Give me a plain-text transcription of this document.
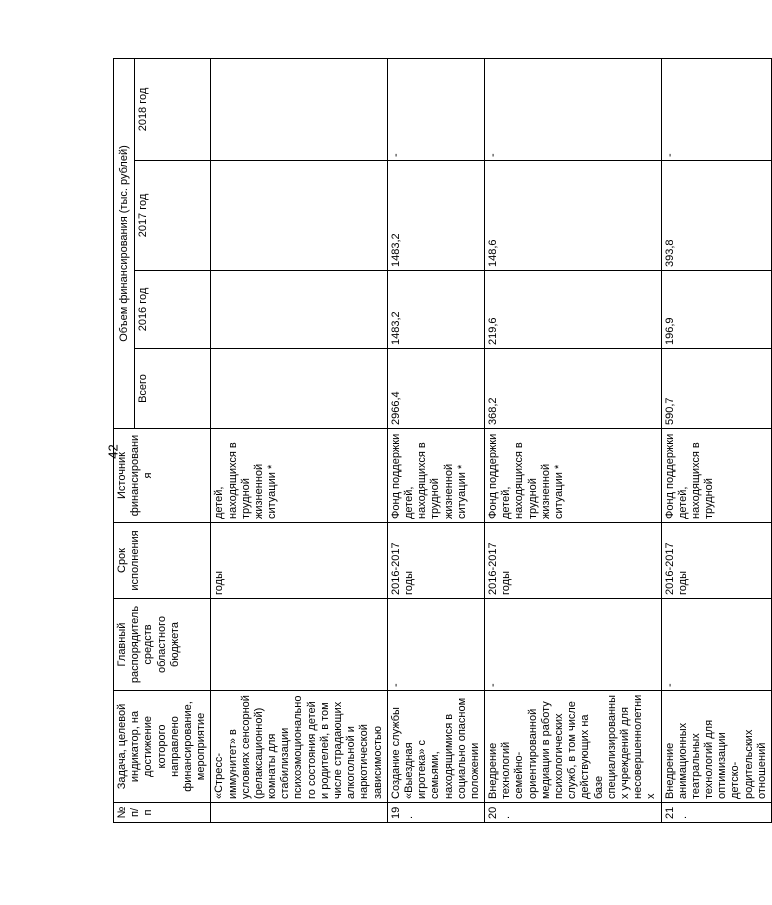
42
№ п/п	Задача, целевой индикатор, на достижение которого направлено финансирование, мероприятие	Главный распорядитель средств областного бюджета	Срок исполнения	Источник финансирования	Объем финансирования (тыс. рублей)			
					Всего	2016 год	2017 год	2018 год
	«Стресс-иммунитет» в условиях сенсорной (релаксационной) комнаты для стабилизации психоэмоционального состояния детей и родителей, в том числе страдающих алкогольной и наркотической зависимостью		годы	детей, находящихся в трудной жизненной ситуации *				
19.	Создание службы «Выездная игротека» с семьями, находящимися в социально опасном положении	-	2016-2017 годы	Фонд поддержки детей, находящихся в трудной жизненной ситуации *	2966,4	1483,2	1483,2	-
20.	Внедрение технологий семейно-ориентированной медиации в работу психологических служб, в том числе действующих на базе специализированных учреждений для несовершеннолетних	-	2016-2017 годы	Фонд поддержки детей, находящихся в трудной жизненной ситуации *	368,2	219,6	148,6	-
21.	Внедрение анимационных театральных технологий для оптимизации детско-родительских отношений	-	2016-2017 годы	Фонд поддержки детей, находящихся в трудной	590,7	196,9	393,8	-
